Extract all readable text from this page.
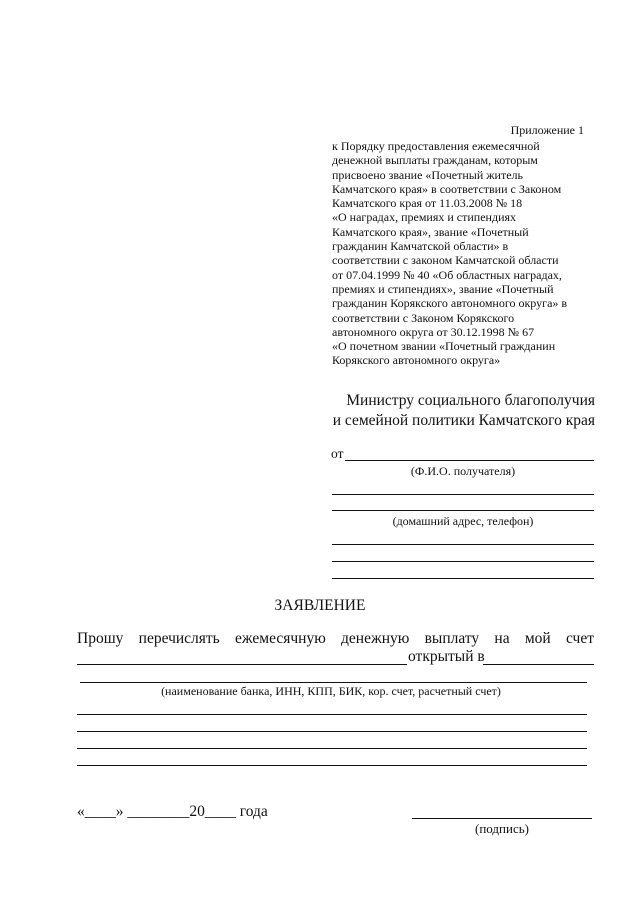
Приложение 1
к Порядку предоставления ежемесячной
денежной выплаты гражданам, которым
присвоено звание «Почетный житель
Камчатского края» в соответствии с Законом
Камчатского края от 11.03.2008 № 18
«О наградах, премиях и стипендиях
Камчатского края», звание «Почетный
гражданин Камчатской области» в
соответствии с законом Камчатской области
от 07.04.1999 № 40 «Об областных наградах,
премиях и стипендиях», звание «Почетный
гражданин Корякского автономного округа» в
соответствии с Законом Корякского
автономного округа от 30.12.1998 № 67
«О почетном звании «Почетный гражданин
Корякского автономного округа»
Министру социального благополучия
и семейной политики Камчатского края
от
(Ф.И.О. получателя)
(домашний адрес, телефон)
ЗАЯВЛЕНИЕ
Прошу перечислять ежемесячную денежную выплату на мой счет
открытый в
(наименование банка, ИНН, КПП, БИК, кор. счет, расчетный счет)
«____» ________20____ года
(подпись)
